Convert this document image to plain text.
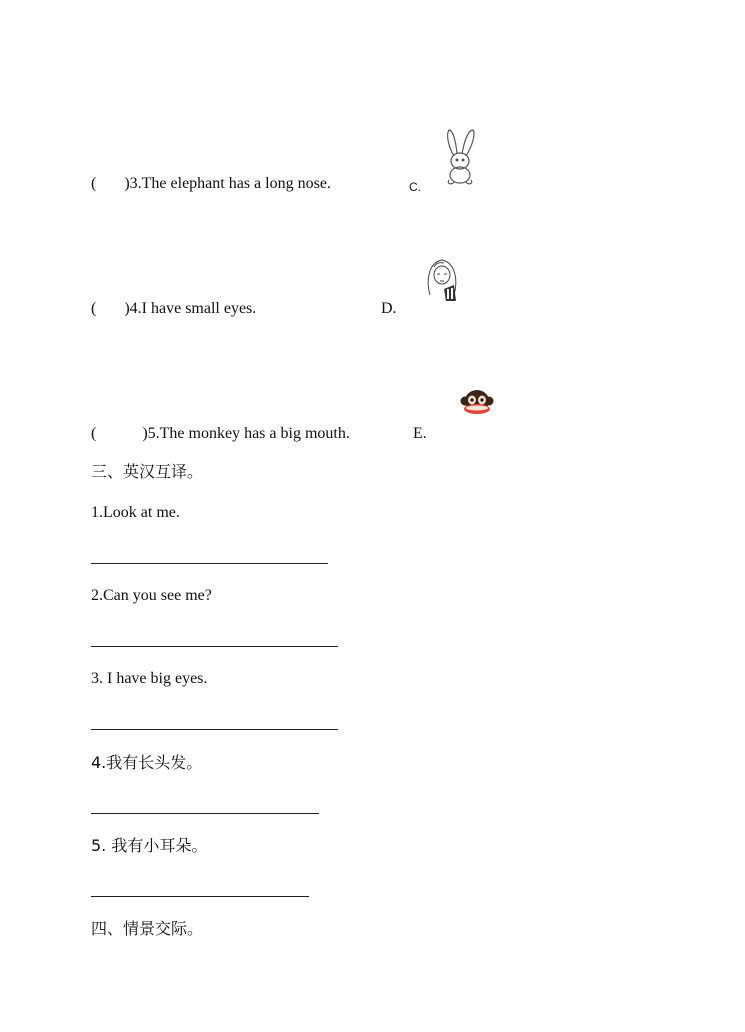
( )3.The elephant has a long nose.	C.
( )4.I have small eyes.	D.
(	)5.The monkey has a big mouth.	E.
三、英汉互译。
1.Look at me.
2.Can you see me?
3. I have big eyes.
4.我有长头发。
5. 我有小耳朵。
四、情景交际。
